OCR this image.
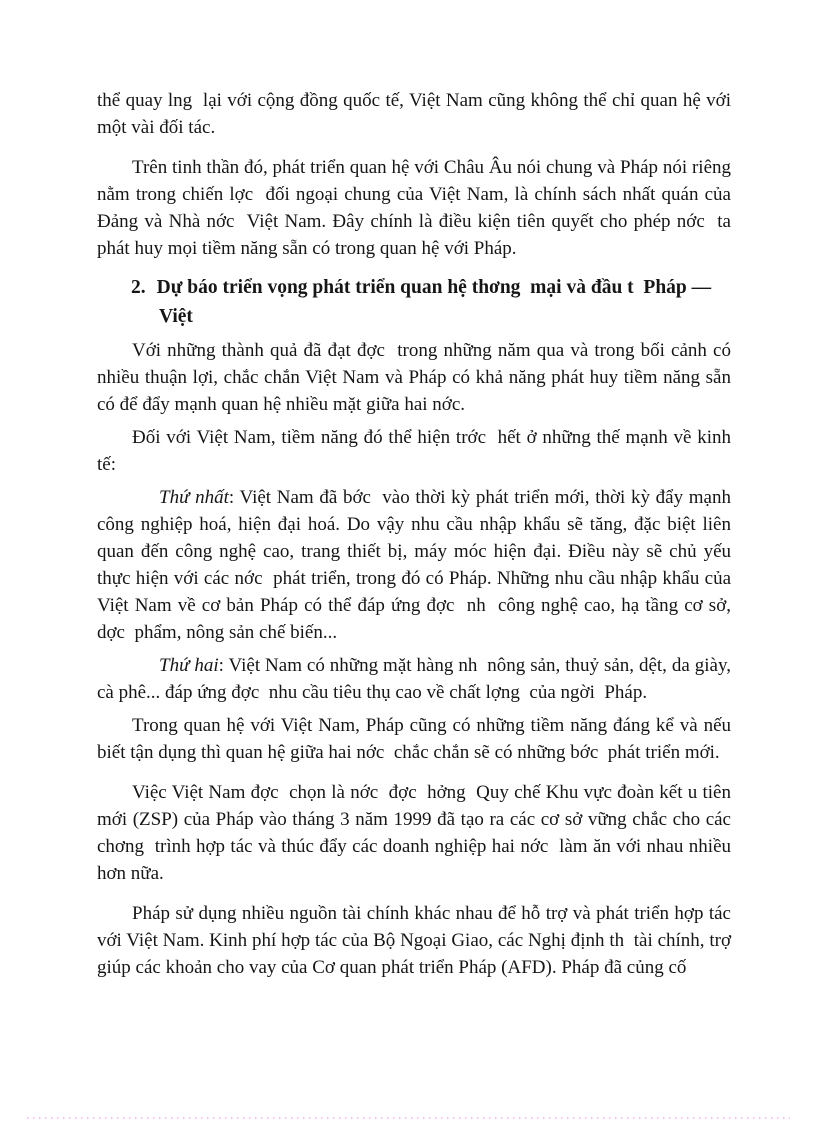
thể quay lng  lại với cộng đồng quốc tế, Việt Nam cũng không thể chỉ quan hệ với một vài đối tác.

Trên tinh thần đó, phát triển quan hệ với Châu Âu nói chung và Pháp nói riêng nằm trong chiến lợc  đối ngoại chung của Việt Nam, là chính sách nhất quán của Đảng và Nhà nớc  Việt Nam. Đây chính là điều kiện tiên quyết cho phép nớc  ta phát huy mọi tiềm năng sẵn có trong quan hệ với Pháp.

2. Dự báo triển vọng phát triển quan hệ thơng  mại và đầu t  Pháp —
Việt

Với những thành quả đã đạt đợc  trong những năm qua và trong bối cảnh có nhiều thuận lợi, chắc chắn Việt Nam và Pháp có khả năng phát huy tiềm năng sẵn có để đẩy mạnh quan hệ nhiều mặt giữa hai nớc.

Đối với Việt Nam, tiềm năng đó thể hiện trớc  hết ở những thế mạnh về kinh tế:

Thứ nhất: Việt Nam đã bớc  vào thời kỳ phát triển mới, thời kỳ đẩy mạnh công nghiệp hoá, hiện đại hoá. Do vậy nhu cầu nhập khẩu sẽ tăng, đặc biệt liên quan đến công nghệ cao, trang thiết bị, máy móc hiện đại. Điều này sẽ chủ yếu thực hiện với các nớc  phát triển, trong đó có Pháp. Những nhu cầu nhập khẩu của Việt Nam về cơ bản Pháp có thể đáp ứng đợc  nh  công nghệ cao, hạ tầng cơ sở, dợc  phẩm, nông sản chế biến...

Thứ hai: Việt Nam có những mặt hàng nh  nông sản, thuỷ sản, dệt, da giày, cà phê... đáp ứng đợc  nhu cầu tiêu thụ cao về chất lợng  của ngời  Pháp.

Trong quan hệ với Việt Nam, Pháp cũng có những tiềm năng đáng kể và nếu biết tận dụng thì quan hệ giữa hai nớc  chắc chắn sẽ có những bớc  phát triển mới.

Việc Việt Nam đợc  chọn là nớc  đợc  hởng  Quy chế Khu vực đoàn kết u tiên mới (ZSP) của Pháp vào tháng 3 năm 1999 đã tạo ra các cơ sở vững chắc cho các chơng  trình hợp tác và thúc đẩy các doanh nghiệp hai nớc  làm ăn với nhau nhiều hơn nữa.

Pháp sử dụng nhiều nguồn tài chính khác nhau để hỗ trợ và phát triển hợp tác với Việt Nam. Kinh phí hợp tác của Bộ Ngoại Giao, các Nghị định th  tài chính, trợ giúp các khoản cho vay của Cơ quan phát triển Pháp (AFD). Pháp đã củng cố
